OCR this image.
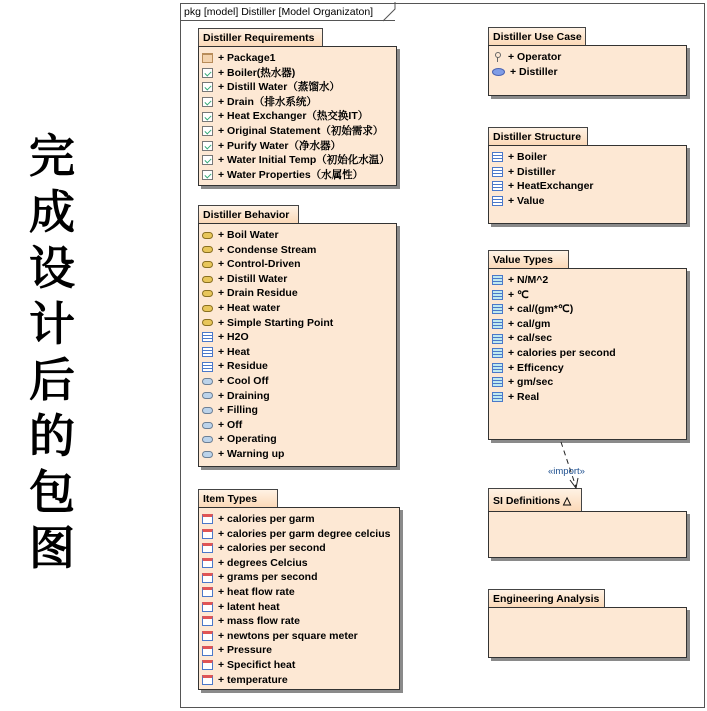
完
成
设
计
后
的
包
图
pkg [model] Distiller [Model Organizaton]
Distiller Requirements
+ Package1
+ Boiler(热水器)
+ Distill Water（蒸馏水）
+ Drain（排水系统）
+ Heat Exchanger（热交换IT）
+ Original Statement（初始需求）
+ Purify Water（净水器）
+ Water Initial Temp（初始化水温）
+ Water Properties（水属性）
Distiller Behavior
+ Boil Water
+ Condense Stream
+ Control-Driven
+ Distill Water
+ Drain Residue
+ Heat water
+ Simple Starting Point
+ H2O
+ Heat
+ Residue
+ Cool Off
+ Draining
+ Filling
+ Off
+ Operating
+ Warning up
Item Types
+ calories per garm
+ calories per garm degree celcius
+ calories per second
+ degrees Celcius
+ grams per second
+ heat flow rate
+ latent heat
+ mass flow rate
+ newtons per square meter
+ Pressure
+ Specifict heat
+ temperature
Distiller Use Case
+ Operator
+ Distiller
Distiller Structure
+ Boiler
+ Distiller
+ HeatExchanger
+ Value
Value Types
+ N/M^2
+ ℃
+ cal/(gm*℃)
+ cal/gm
+ cal/sec
+ calories per second
+ Efficency
+ gm/sec
+ Real
SI Definitions △
Engineering Analysis
«import»
